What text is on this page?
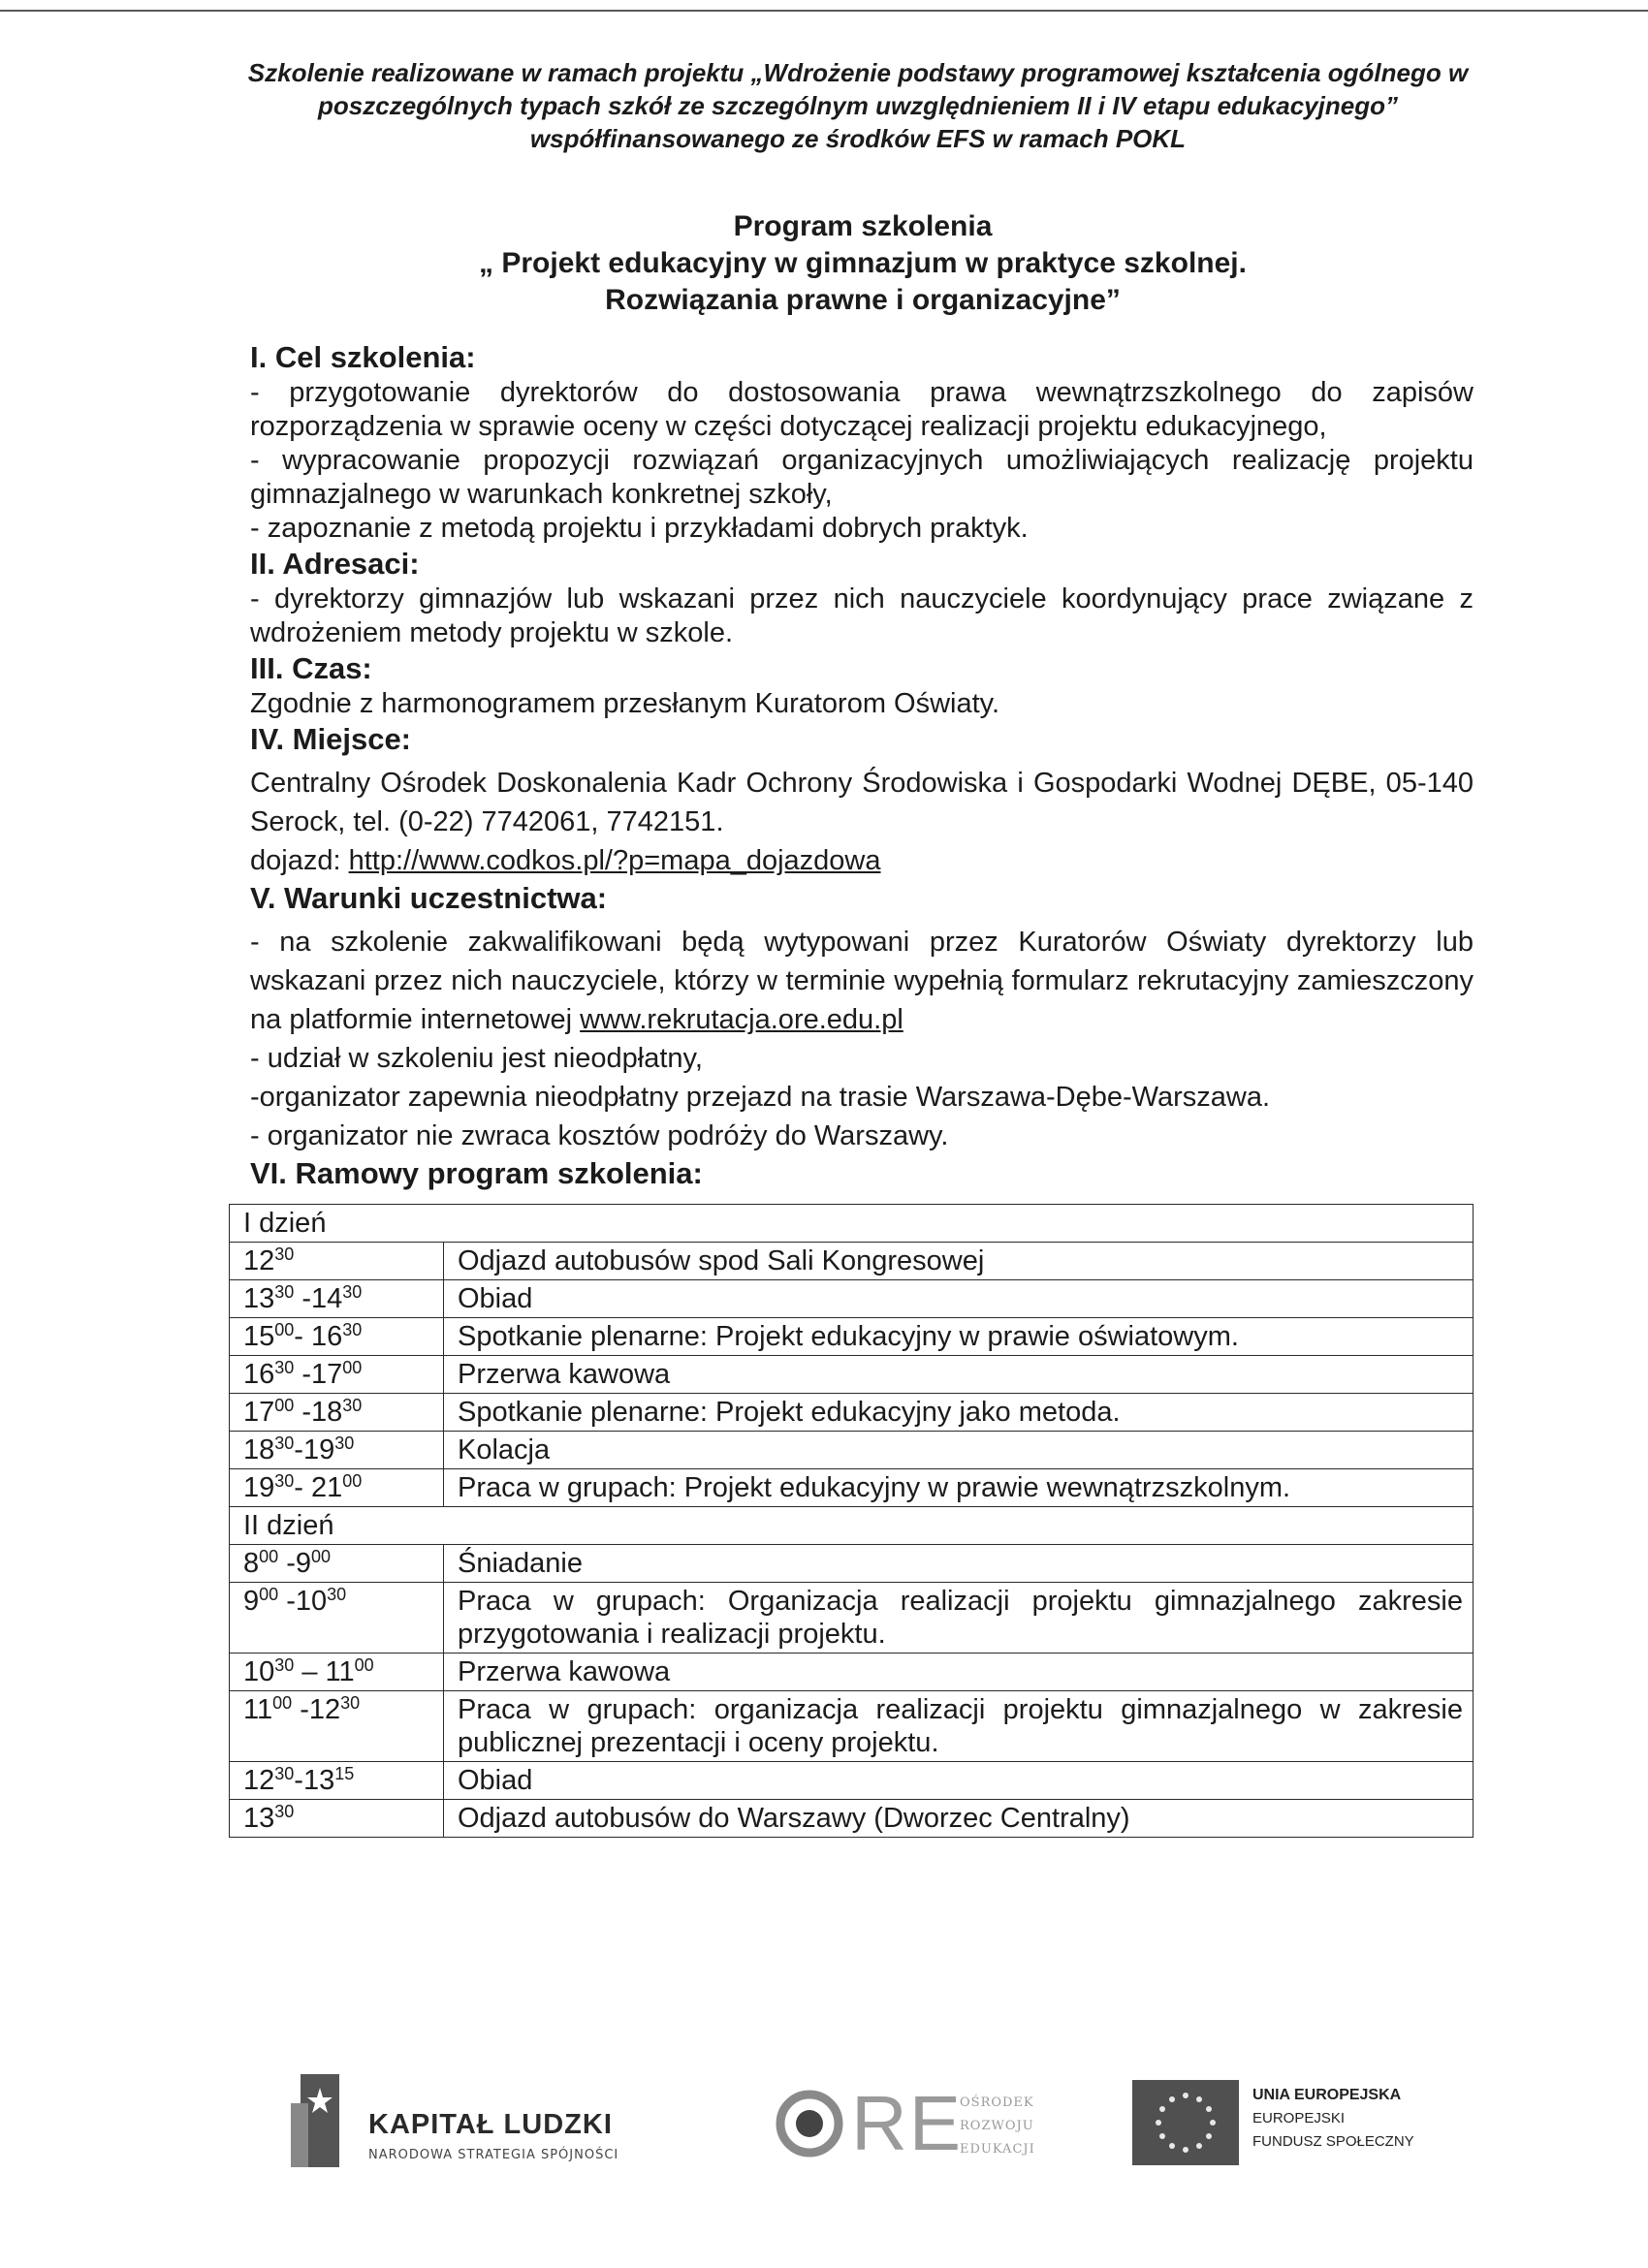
Szkolenie realizowane w ramach projektu „Wdrożenie podstawy programowej kształcenia ogólnego w
poszczególnych typach szkół ze szczególnym uwzględnieniem II i IV etapu edukacyjnego”
współfinansowanego ze środków EFS w ramach POKL
Program szkolenia
„ Projekt edukacyjny w gimnazjum w praktyce szkolnej.
Rozwiązania prawne i organizacyjne”

I. Cel szkolenia:

- przygotowanie dyrektorów do dostosowania prawa wewnątrzszkolnego do zapisów rozporządzenia w sprawie oceny w części dotyczącej realizacji projektu edukacyjnego,

- wypracowanie propozycji rozwiązań organizacyjnych umożliwiających realizację projektu gimnazjalnego w warunkach konkretnej szkoły,

- zapoznanie z metodą projektu i przykładami dobrych praktyk.

II. Adresaci:

- dyrektorzy gimnazjów lub wskazani przez nich nauczyciele koordynujący prace związane z wdrożeniem metody projektu w szkole.

III. Czas:

Zgodnie z harmonogramem przesłanym Kuratorom Oświaty.

IV. Miejsce:

Centralny Ośrodek Doskonalenia Kadr Ochrony Środowiska i Gospodarki Wodnej DĘBE, 05-140 Serock, tel. (0-22) 7742061, 7742151.

dojazd: http://www.codkos.pl/?p=mapa_dojazdowa

V. Warunki uczestnictwa:

- na szkolenie zakwalifikowani będą wytypowani przez Kuratorów Oświaty dyrektorzy lub wskazani przez nich nauczyciele, którzy w terminie wypełnią formularz rekrutacyjny zamieszczony na platformie internetowej www.rekrutacja.ore.edu.pl

- udział w szkoleniu jest nieodpłatny,

-organizator zapewnia nieodpłatny przejazd na trasie Warszawa-Dębe-Warszawa.

- organizator nie zwraca kosztów podróży do Warszawy.

VI. Ramowy program szkolenia:

I dzień	
$12^{30}$	Odjazd autobusów spod Sali Kongresowej
$13^{30}$ $-14^{30}$	Obiad
$15^{00}-$ $16^{30}$	Spotkanie plenarne: Projekt edukacyjny w prawie oświatowym.
$16^{30}$ $-17^{00}$	Przerwa kawowa
$17^{00}$ $-18^{30}$	Spotkanie plenarne: Projekt edukacyjny jako metoda.
$18^{30}-19^{30}$	Kolacja
$19^{30}-$ $21^{00}$	Praca w grupach: Projekt edukacyjny w prawie wewnątrzszkolnym.
II dzień	
$8^{00}$ $-9^{00}$	Śniadanie
$9^{00}$ $-10^{30}$	Praca w grupach: Organizacja realizacji projektu gimnazjalnego zakresie przygotowania i realizacji projektu.
$10^{30} - 11^{00}$	Przerwa kawowa
$11^{00}$ $-12^{30}$	Praca w grupach: organizacja realizacji projektu gimnazjalnego w zakresie publicznej prezentacji i oceny projektu.
$12^{30}-13^{15}$	Obiad
$13^{30}$	Odjazd autobusów do Warszawy (Dworzec Centralny)
KAPITAŁ LUDZKI
NARODOWA STRATEGIA SPÓJNOŚCI	RE
OŚRODEK
ROZWOJU
EDUKACJI
UNIA EUROPEJSKA
EUROPEJSKI
FUNDUSZ SPOŁECZNY
